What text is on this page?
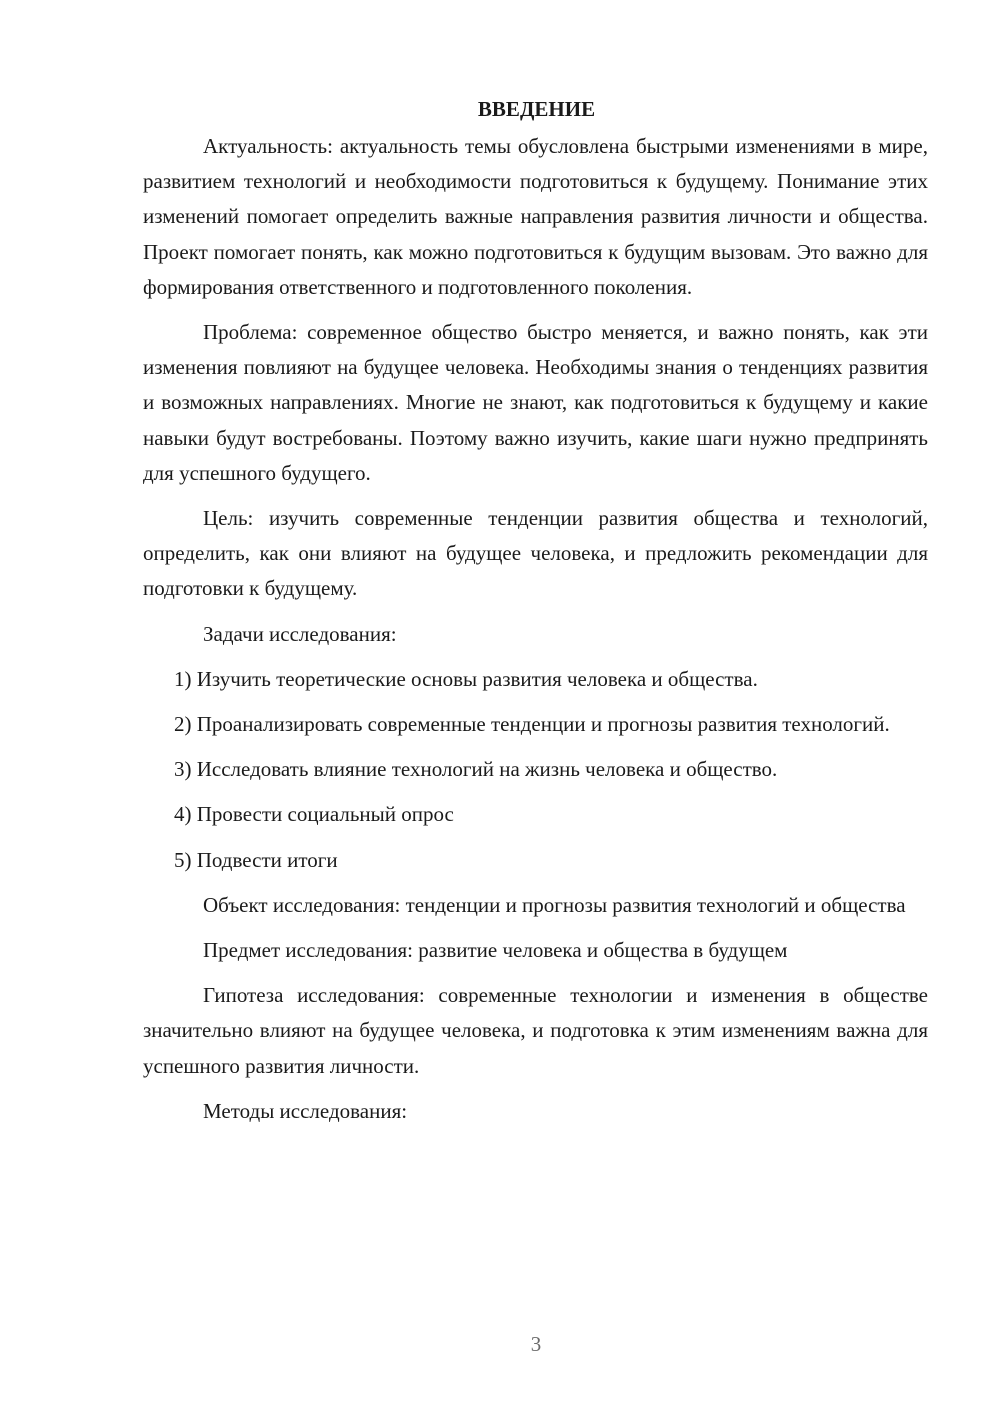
ВВЕДЕНИЕ

Актуальность: актуальность темы обусловлена быстрыми изменениями в мире, развитием технологий и необходимости подготовиться к будущему. Понимание этих изменений помогает определить важные направления развития личности и общества. Проект помогает понять, как можно подготовиться к будущим вызовам. Это важно для формирования ответственного и подготовленного поколения.

Проблема: современное общество быстро меняется, и важно понять, как эти изменения повлияют на будущее человека. Необходимы знания о тенденциях развития и возможных направлениях. Многие не знают, как подготовиться к будущему и какие навыки будут востребованы. Поэтому важно изучить, какие шаги нужно предпринять для успешного будущего.

Цель: изучить современные тенденции развития общества и технологий, определить, как они влияют на будущее человека, и предложить рекомендации для подготовки к будущему.

Задачи исследования:

1) Изучить теоретические основы развития человека и общества.

2) Проанализировать современные тенденции и прогнозы развития технологий.

3) Исследовать влияние технологий на жизнь человека и общество.

4) Провести социальный опрос

5) Подвести итоги

Объект исследования: тенденции и прогнозы развития технологий и общества

Предмет исследования: развитие человека и общества в будущем

Гипотеза исследования: современные технологии и изменения в обществе значительно влияют на будущее человека, и подготовка к этим изменениям важна для успешного развития личности.

Методы исследования:

3
